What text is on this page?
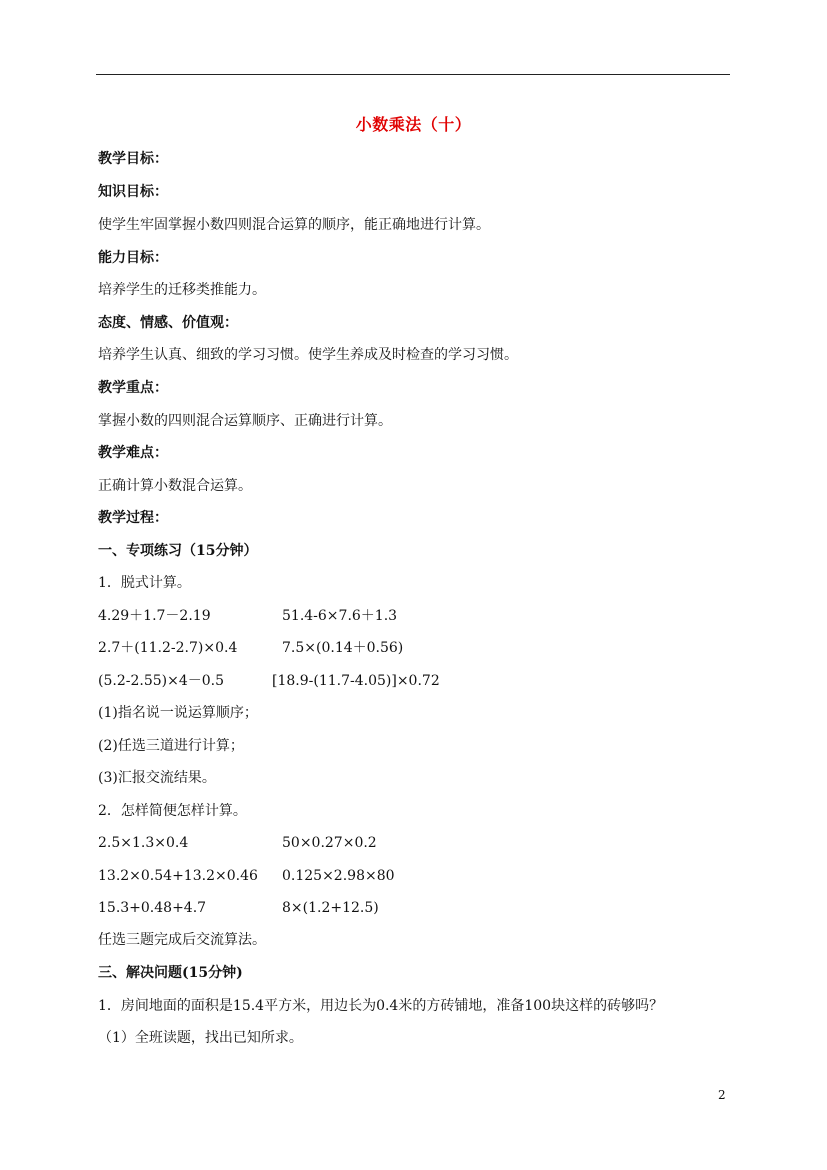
小数乘法（十）
教学目标：
知识目标：
使学生牢固掌握小数四则混合运算的顺序，能正确地进行计算。
能力目标：
培养学生的迁移类推能力。
态度、情感、价值观：
培养学生认真、细致的学习习惯。使学生养成及时检查的学习习惯。
教学重点：
掌握小数的四则混合运算顺序、正确进行计算。
教学难点：
正确计算小数混合运算。
教学过程：
一、专项练习（15分钟）
1．脱式计算。
4.29＋1.7－2.19	51.4-6×7.6＋1.3
2.7＋(11.2-2.7)×0.4	7.5×(0.14＋0.56)
(5.2-2.55)×4－0.5	[18.9-(11.7-4.05)]×0.72
(1)指名说一说运算顺序；
(2)任选三道进行计算；
(3)汇报交流结果。
2．怎样简便怎样计算。
2.5×1.3×0.4	50×0.27×0.2
13.2×0.54+13.2×0.46 0.125×2.98×80
15.3+0.48+4.7	8×(1.2+12.5)
任选三题完成后交流算法。
三、解决问题(15分钟)
1．房间地面的面积是15.4平方米，用边长为0.4米的方砖铺地，准备100块这样的砖够吗？
（1）全班读题，找出已知所求。
2
